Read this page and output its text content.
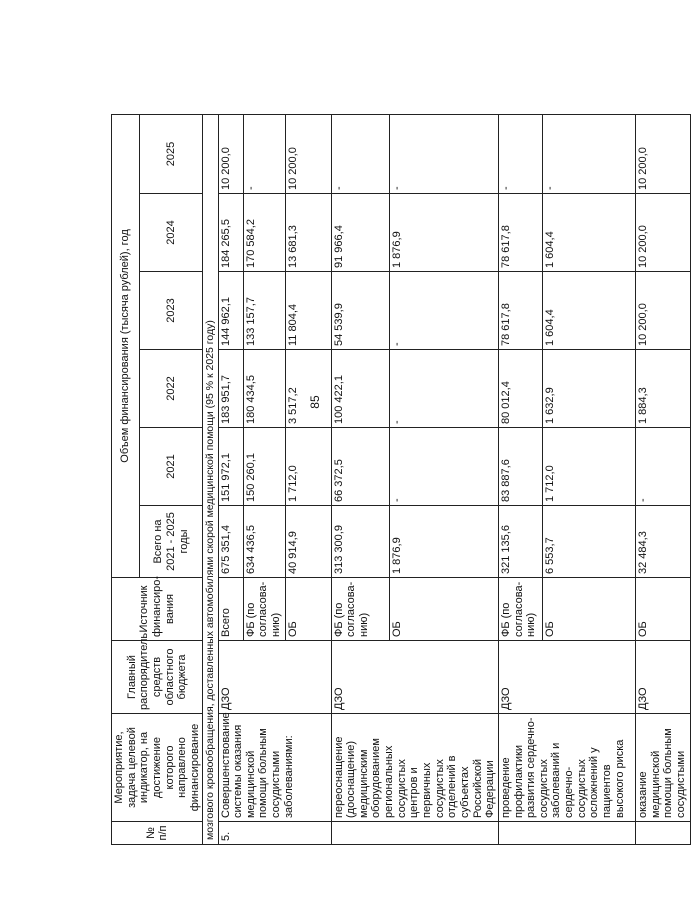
85
№ п/п	Мероприятие, задача целевой индикатор, на достижение которого направлено финансирование	Главный распорядитель средств областного бюджета	Источник финансиро-вания	Объем финансирования (тысяча рублей), год					
				Всего на 2021 - 2025 годы	2021	2022	2023	2024	2025
мозгового кровообращения, доставленных автомобилями скорой медицинской помощи (95 % к 2025 году)									
5.	Совершенствование системы оказания медицинской помощи больным сосудистыми заболеваниями:	ДЗО	Всего	675 351,4	151 972,1	183 951,7	144 962,1	184 265,5	10 200,0
			ФБ (по согласова-нию)	634 436,5	150 260,1	180 434,5	133 157,7	170 584,2	-
			ОБ	40 914,9	1 712,0	3 517,2	11 804,4	13 681,3	10 200,0
	переоснащение (дооснащение) медицинским оборудованием региональных сосудистых центров и первичных сосудистых отделений в субъектах Российской Федерации	ДЗО	ФБ (по согласова-нию)	313 300,9	66 372,5	100 422,1	54 539,9	91 966,4	-
			ОБ	1 876,9	-	-	-	1 876,9	-
	проведение профилактики развития сердечно-сосудистых заболеваний и сердечно-сосудистых осложнений у пациентов высокого риска	ДЗО	ФБ (по согласова-нию)	321 135,6	83 887,6	80 012,4	78 617,8	78 617,8	-
			ОБ	6 553,7	1 712,0	1 632,9	1 604,4	1 604,4	-
	оказание медицинской помощи больным сосудистыми	ДЗО	ОБ	32 484,3	-	1 884,3	10 200,0	10 200,0	10 200,0
